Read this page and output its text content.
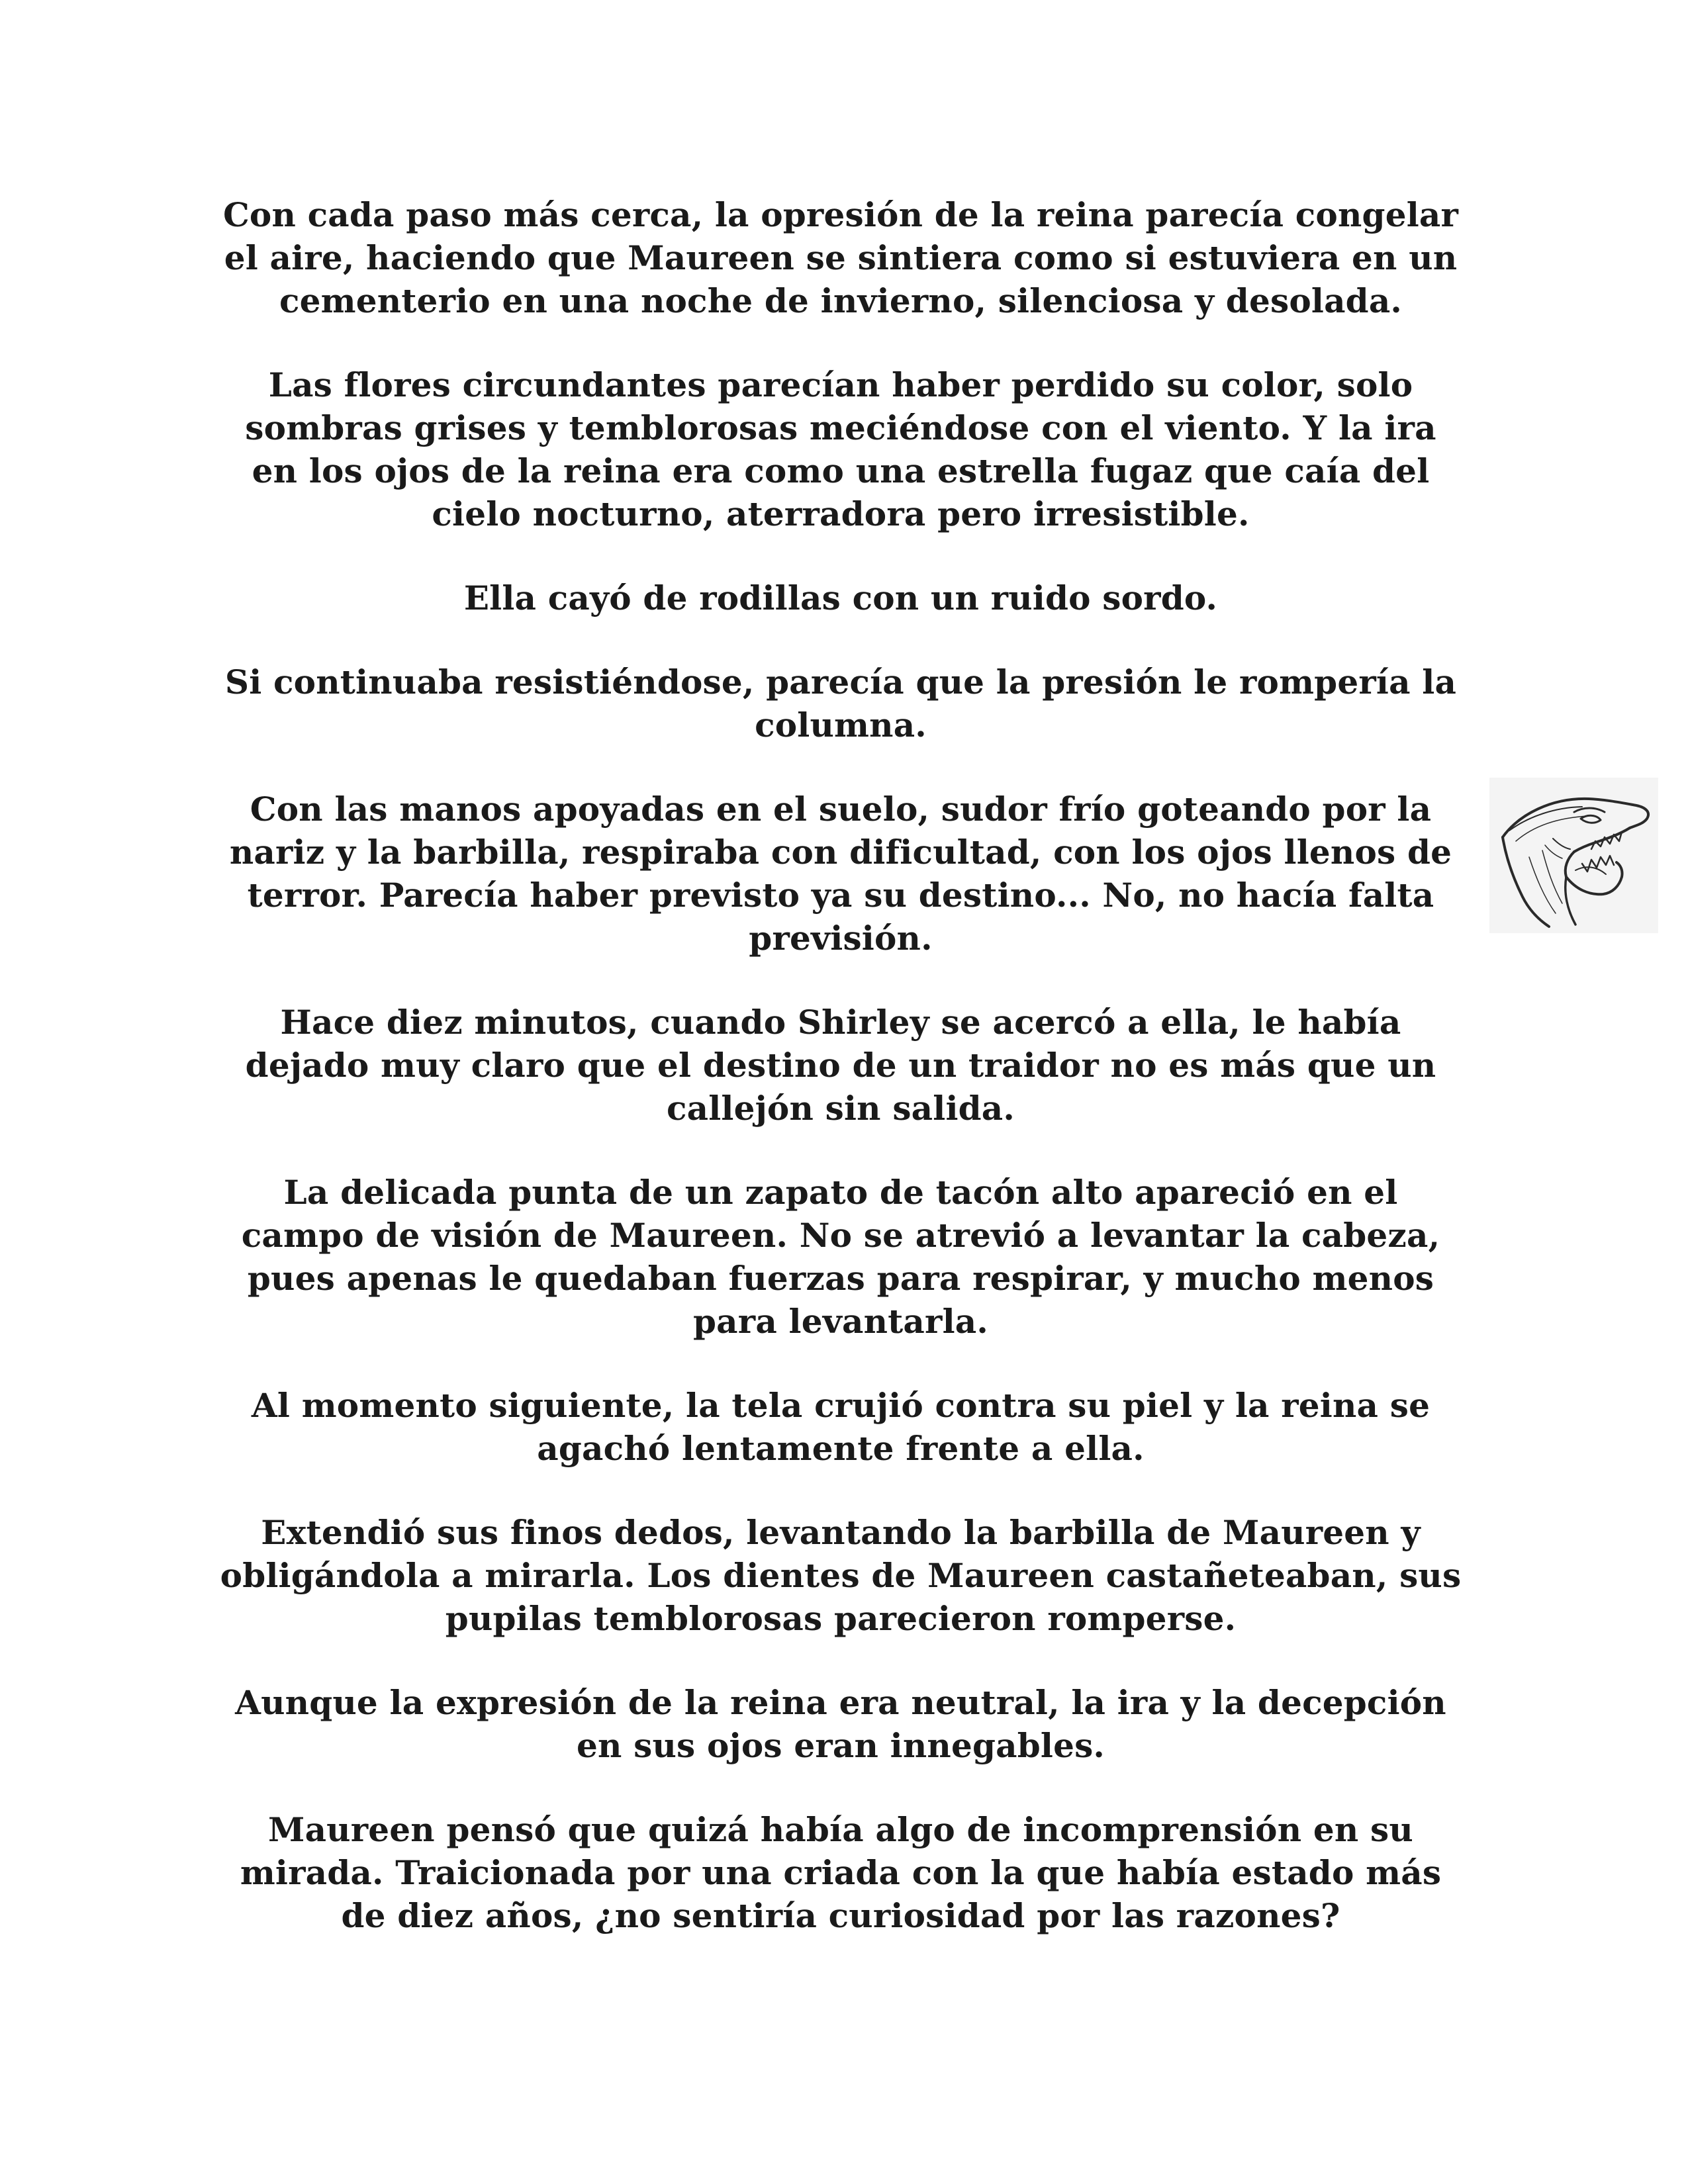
Con cada paso más cerca, la opresión de la reina parecía congelar el aire, haciendo que Maureen se sintiera como si estuviera en un cementerio en una noche de invierno, silenciosa y desolada.

Las flores circundantes parecían haber perdido su color, solo sombras grises y temblorosas meciéndose con el viento. Y la ira en los ojos de la reina era como una estrella fugaz que caía del cielo nocturno, aterradora pero irresistible.

Ella cayó de rodillas con un ruido sordo.

Si continuaba resistiéndose, parecía que la presión le rompería la columna.

Con las manos apoyadas en el suelo, sudor frío goteando por la nariz y la barbilla, respiraba con dificultad, con los ojos llenos de terror. Parecía haber previsto ya su destino... No, no hacía falta previsión.

Hace diez minutos, cuando Shirley se acercó a ella, le había dejado muy claro que el destino de un traidor no es más que un callejón sin salida.

La delicada punta de un zapato de tacón alto apareció en el campo de visión de Maureen. No se atrevió a levantar la cabeza, pues apenas le quedaban fuerzas para respirar, y mucho menos para levantarla.

Al momento siguiente, la tela crujió contra su piel y la reina se agachó lentamente frente a ella.

Extendió sus finos dedos, levantando la barbilla de Maureen y obligándola a mirarla. Los dientes de Maureen castañeteaban, sus pupilas temblorosas parecieron romperse.

Aunque la expresión de la reina era neutral, la ira y la decepción en sus ojos eran innegables.

Maureen pensó que quizá había algo de incomprensión en su mirada. Traicionada por una criada con la que había estado más de diez años, ¿no sentiría curiosidad por las razones?
